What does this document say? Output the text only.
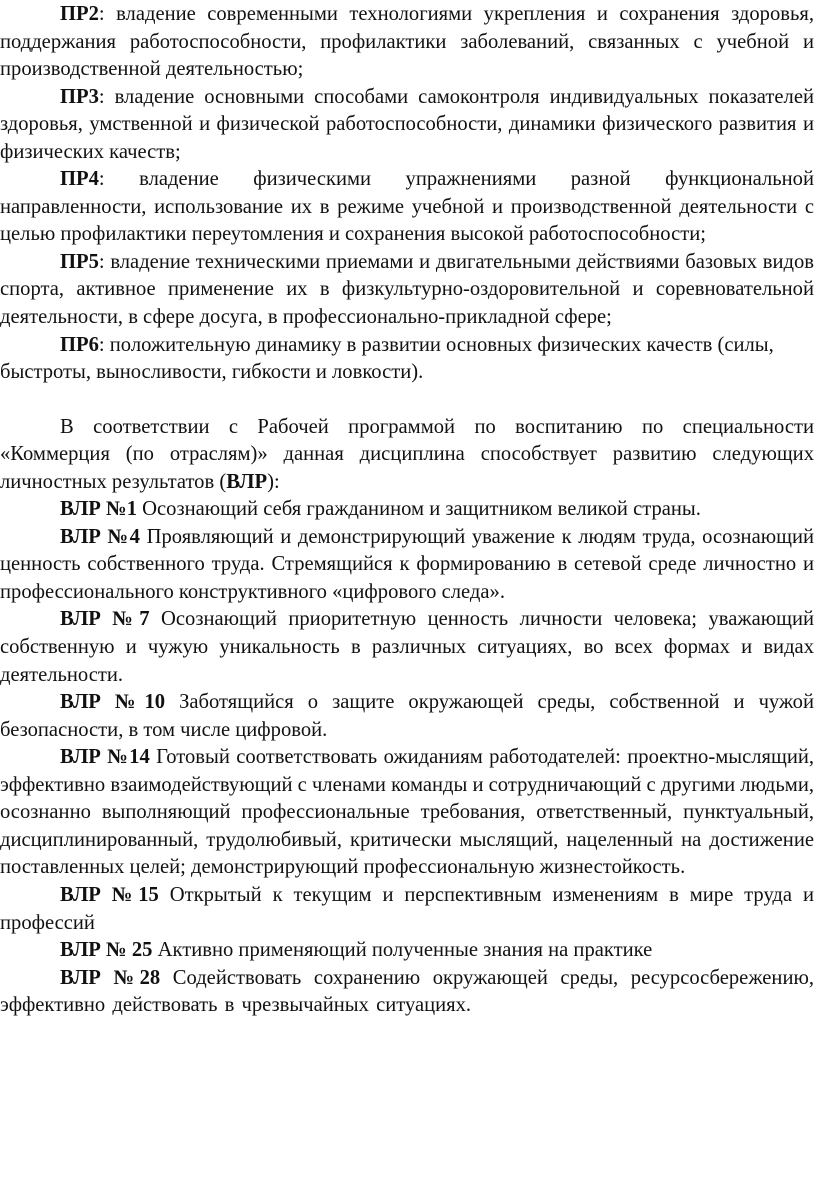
ПР2: владение современными технологиями укрепления и сохранения здоровья, поддержания работоспособности, профилактики заболеваний, связанных с учебной и производственной деятельностью;

ПР3: владение основными способами самоконтроля индивидуальных показателей здоровья, умственной и физической работоспособности, динамики физического развития и физических качеств;

ПР4: владение физическими упражнениями разной функциональной направленности, использование их в режиме учебной и производственной деятельности с целью профилактики переутомления и сохранения высокой работоспособности;

ПР5: владение техническими приемами и двигательными действиями базовых видов спорта, активное применение их в физкультурно-оздоровительной и соревновательной деятельности, в сфере досуга, в профессионально-прикладной сфере;

ПР6: положительную динамику в развитии основных физических качеств (силы, быстроты, выносливости, гибкости и ловкости).

В соответствии с Рабочей программой по воспитанию по специальности «Коммерция (по отраслям)» данная дисциплина способствует развитию следующих личностных результатов (ВЛР):

ВЛР №1 Осознающий себя гражданином и защитником великой страны.

ВЛР №4 Проявляющий и демонстрирующий уважение к людям труда, осознающий ценность собственного труда. Стремящийся к формированию в сетевой среде личностно и профессионального конструктивного «цифрового следа».

ВЛР №7 Осознающий приоритетную ценность личности человека; уважающий собственную и чужую уникальность в различных ситуациях, во всех формах и видах деятельности.

ВЛР №10 Заботящийся о защите окружающей среды, собственной и чужой безопасности, в том числе цифровой.

ВЛР №14 Готовый соответствовать ожиданиям работодателей: проектно-мыслящий, эффективно взаимодействующий с членами команды и сотрудничающий с другими людьми, осознанно выполняющий профессиональные требования, ответственный, пунктуальный, дисциплинированный, трудолюбивый, критически мыслящий, нацеленный на достижение поставленных целей; демонстрирующий профессиональную жизнестойкость.

ВЛР №15 Открытый к текущим и перспективным изменениям в мире труда и профессий

ВЛР № 25 Активно применяющий полученные знания на практике

ВЛР №28 Содействовать сохранению окружающей среды, ресурсосбережению, эффективно действовать в чрезвычайных ситуациях.
